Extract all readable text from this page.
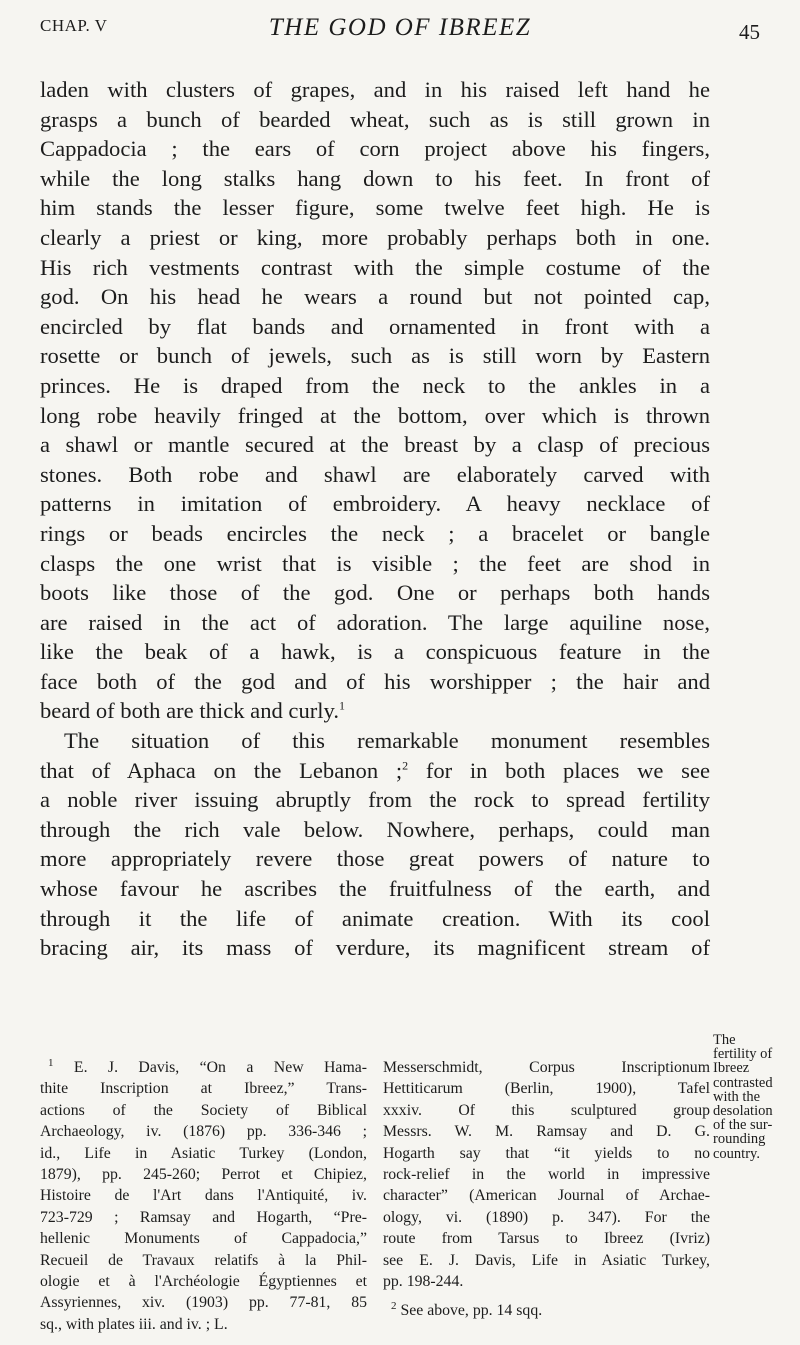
CHAP. V	THE GOD OF IBREEZ	45
laden with clusters of grapes, and in his raised left hand he
grasps a bunch of bearded wheat, such as is still grown in
Cappadocia ; the ears of corn project above his fingers,
while the long stalks hang down to his feet. In front of
him stands the lesser figure, some twelve feet high. He is
clearly a priest or king, more probably perhaps both in one.
His rich vestments contrast with the simple costume of the
god. On his head he wears a round but not pointed cap,
encircled by flat bands and ornamented in front with a
rosette or bunch of jewels, such as is still worn by Eastern
princes. He is draped from the neck to the ankles in a
long robe heavily fringed at the bottom, over which is thrown
a shawl or mantle secured at the breast by a clasp of precious
stones. Both robe and shawl are elaborately carved with
patterns in imitation of embroidery. A heavy necklace of
rings or beads encircles the neck ; a bracelet or bangle
clasps the one wrist that is visible ; the feet are shod in
boots like those of the god. One or perhaps both hands
are raised in the act of adoration. The large aquiline nose,
like the beak of a hawk, is a conspicuous feature in the
face both of the god and of his worshipper ; the hair and
beard of both are thick and curly.$^1$
The situation of this remarkable monument resembles
that of Aphaca on the Lebanon ;$^2$ for in both places we see
a noble river issuing abruptly from the rock to spread fertility
through the rich vale below. Nowhere, perhaps, could man
more appropriately revere those great powers of nature to
whose favour he ascribes the fruitfulness of the earth, and
through it the life of animate creation. With its cool
bracing air, its mass of verdure, its magnificent stream of
The
fertility of
Ibreez
contrasted
with the
desolation
of the sur-
rounding
country.
$^1$ E. J. Davis, “On a New Hama-
thite Inscription at Ibreez,” Trans-
actions of the Society of Biblical
Archaeology, iv. (1876) pp. 336-346 ;
id., Life in Asiatic Turkey (London,
1879), pp. 245-260; Perrot et Chipiez,
Histoire de l'Art dans l'Antiquité, iv.
723-729 ; Ramsay and Hogarth, “Pre-
hellenic Monuments of Cappadocia,”
Recueil de Travaux relatifs à la Phil-
ologie et à l'Archéologie Égyptiennes et
Assyriennes, xiv. (1903) pp. 77-81, 85
sq., with plates iii. and iv. ; L.
Messerschmidt, Corpus Inscriptionum
Hettiticarum (Berlin, 1900), Tafel
xxxiv. Of this sculptured group
Messrs. W. M. Ramsay and D. G.
Hogarth say that “it yields to no
rock-relief in the world in impressive
character” (American Journal of Archae-
ology, vi. (1890) p. 347). For the
route from Tarsus to Ibreez (Ivriz)
see E. J. Davis, Life in Asiatic Turkey,
pp. 198-244.
$^2$ See above, pp. 14 sqq.
